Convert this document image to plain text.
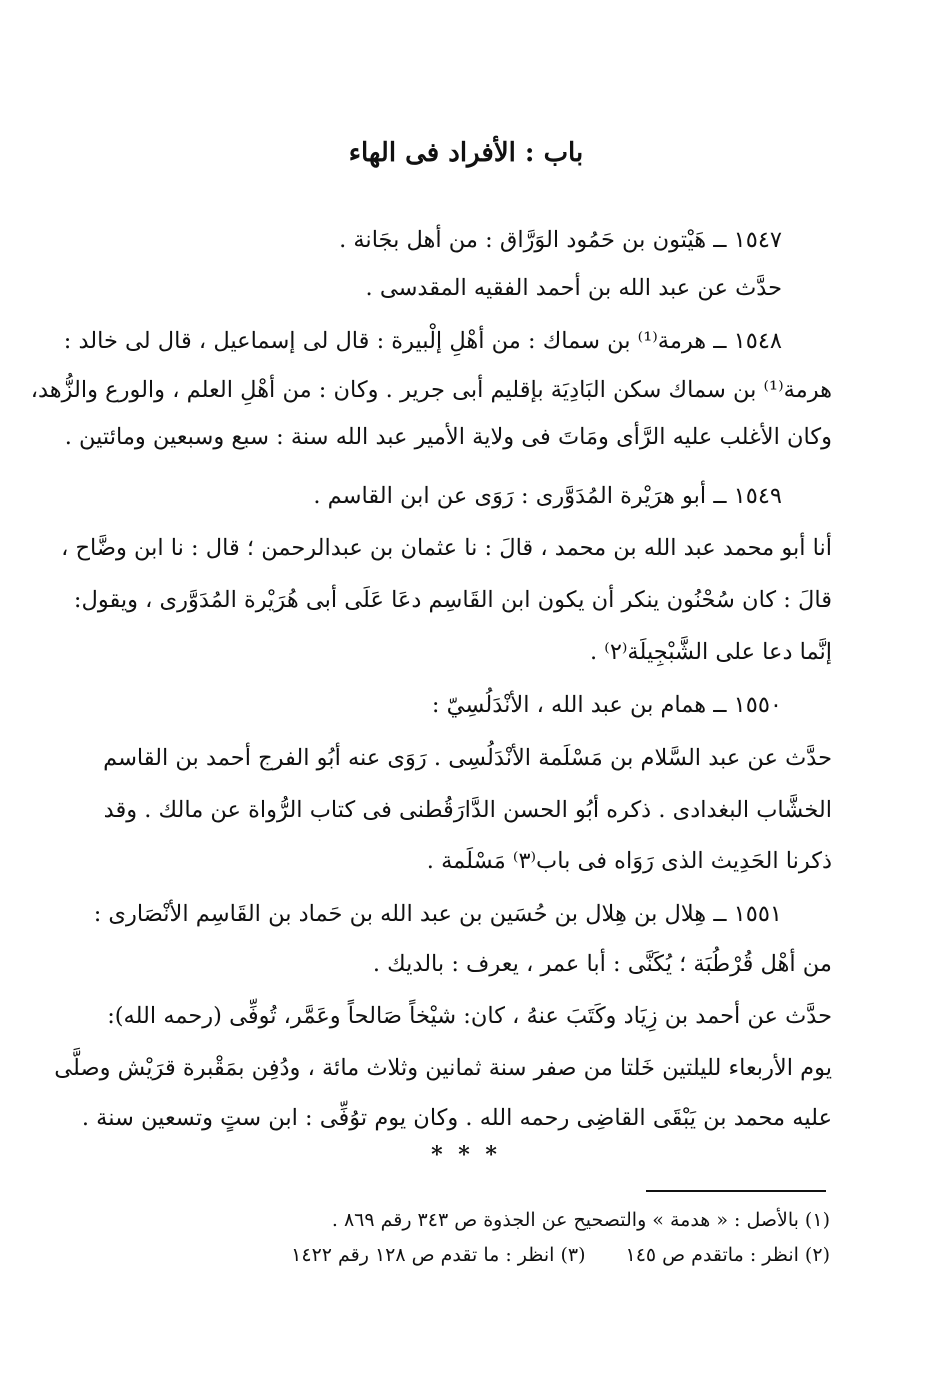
باب : الأفراد فى الهاء
١٥٤٧ ــ هَيْتون بن حَمُود الوَرَّاق : من أهل بجَانة .
حدَّث عن عبد الله بن أحمد الفقيه المقدسى .
١٥٤٨ ــ هرمة⁽¹⁾ بن سماك : من أهْلِ إلْبيرة : قال لى إسماعيل ، قال لى خالد :
هرمة⁽¹⁾ بن سماك سكن البَادِيَة بإقليم أبى جرير . وكان : من أهْلِ العلم ، والورع والزُّهد،
وكان الأغلب عليه الرَّأى ومَاتَ فى ولاية الأمير عبد الله سنة : سبع وسبعين ومائتين .
١٥٤٩ ــ أبو هرَيْرة المُدَوَّرى : رَوَى عن ابن القاسم .
أنا أبو محمد عبد الله بن محمد ، قالَ : نا عثمان بن عبدالرحمن ؛ قال : نا ابن وضَّاح ،
قالَ : كان سُحْنُون ينكر أن يكون ابن القَاسِم دعَا عَلَى أبى هُرَيْرة المُدَوَّرى ، ويقول:
إنَّما دعا على الشَّبْجِيلَة⁽٢⁾ .
١٥٥٠ ــ همام بن عبد الله ، الأنْدَلُسِيّ :
حدَّث عن عبد السَّلام بن مَسْلَمة الأنْدَلُسِى . رَوَى عنه أبُو الفرج أحمد بن القاسم
الخشَّاب البغدادى . ذكره أبُو الحسن الدَّارَقُطنى فى كتاب الرُّواة عن مالك . وقد
ذكرنا الحَدِيث الذى رَوَاه فى باب⁽٣⁾ مَسْلَمة .
١٥٥١ ــ هِلال بن هِلال بن حُسَين بن عبد الله بن حَماد بن القَاسِم الأنْصَارى :
من أهْل قُرْطُبَة ؛ يُكَنَّى : أبا عمر ، يعرف : بالديك .
حدَّث عن أحمد بن زِيَاد وكَتَبَ عنهُ ، كان: شيْخاً صَالحاً وعَمَّر، تُوفِّى (رحمه الله):
يوم الأربعاء لليلتين خَلتا من صفر سنة ثمانين وثلاث مائة ، ودُفِن بمَقْبرة قرَيْش وصلَّى
عليه محمد بن يَبْقَى القاضِى رحمه الله . وكان يوم توُفِّى : ابن ستٍ وتسعين سنة .
* * *
(١) بالأصل : « هدمة » والتصحيح عن الجذوة ص ٣٤٣ رقم ٨٦٩ .
(٢) انظر : ماتقدم ص ١٤٥
(٣) انظر : ما تقدم ص ١٢٨ رقم ١٤٢٢
